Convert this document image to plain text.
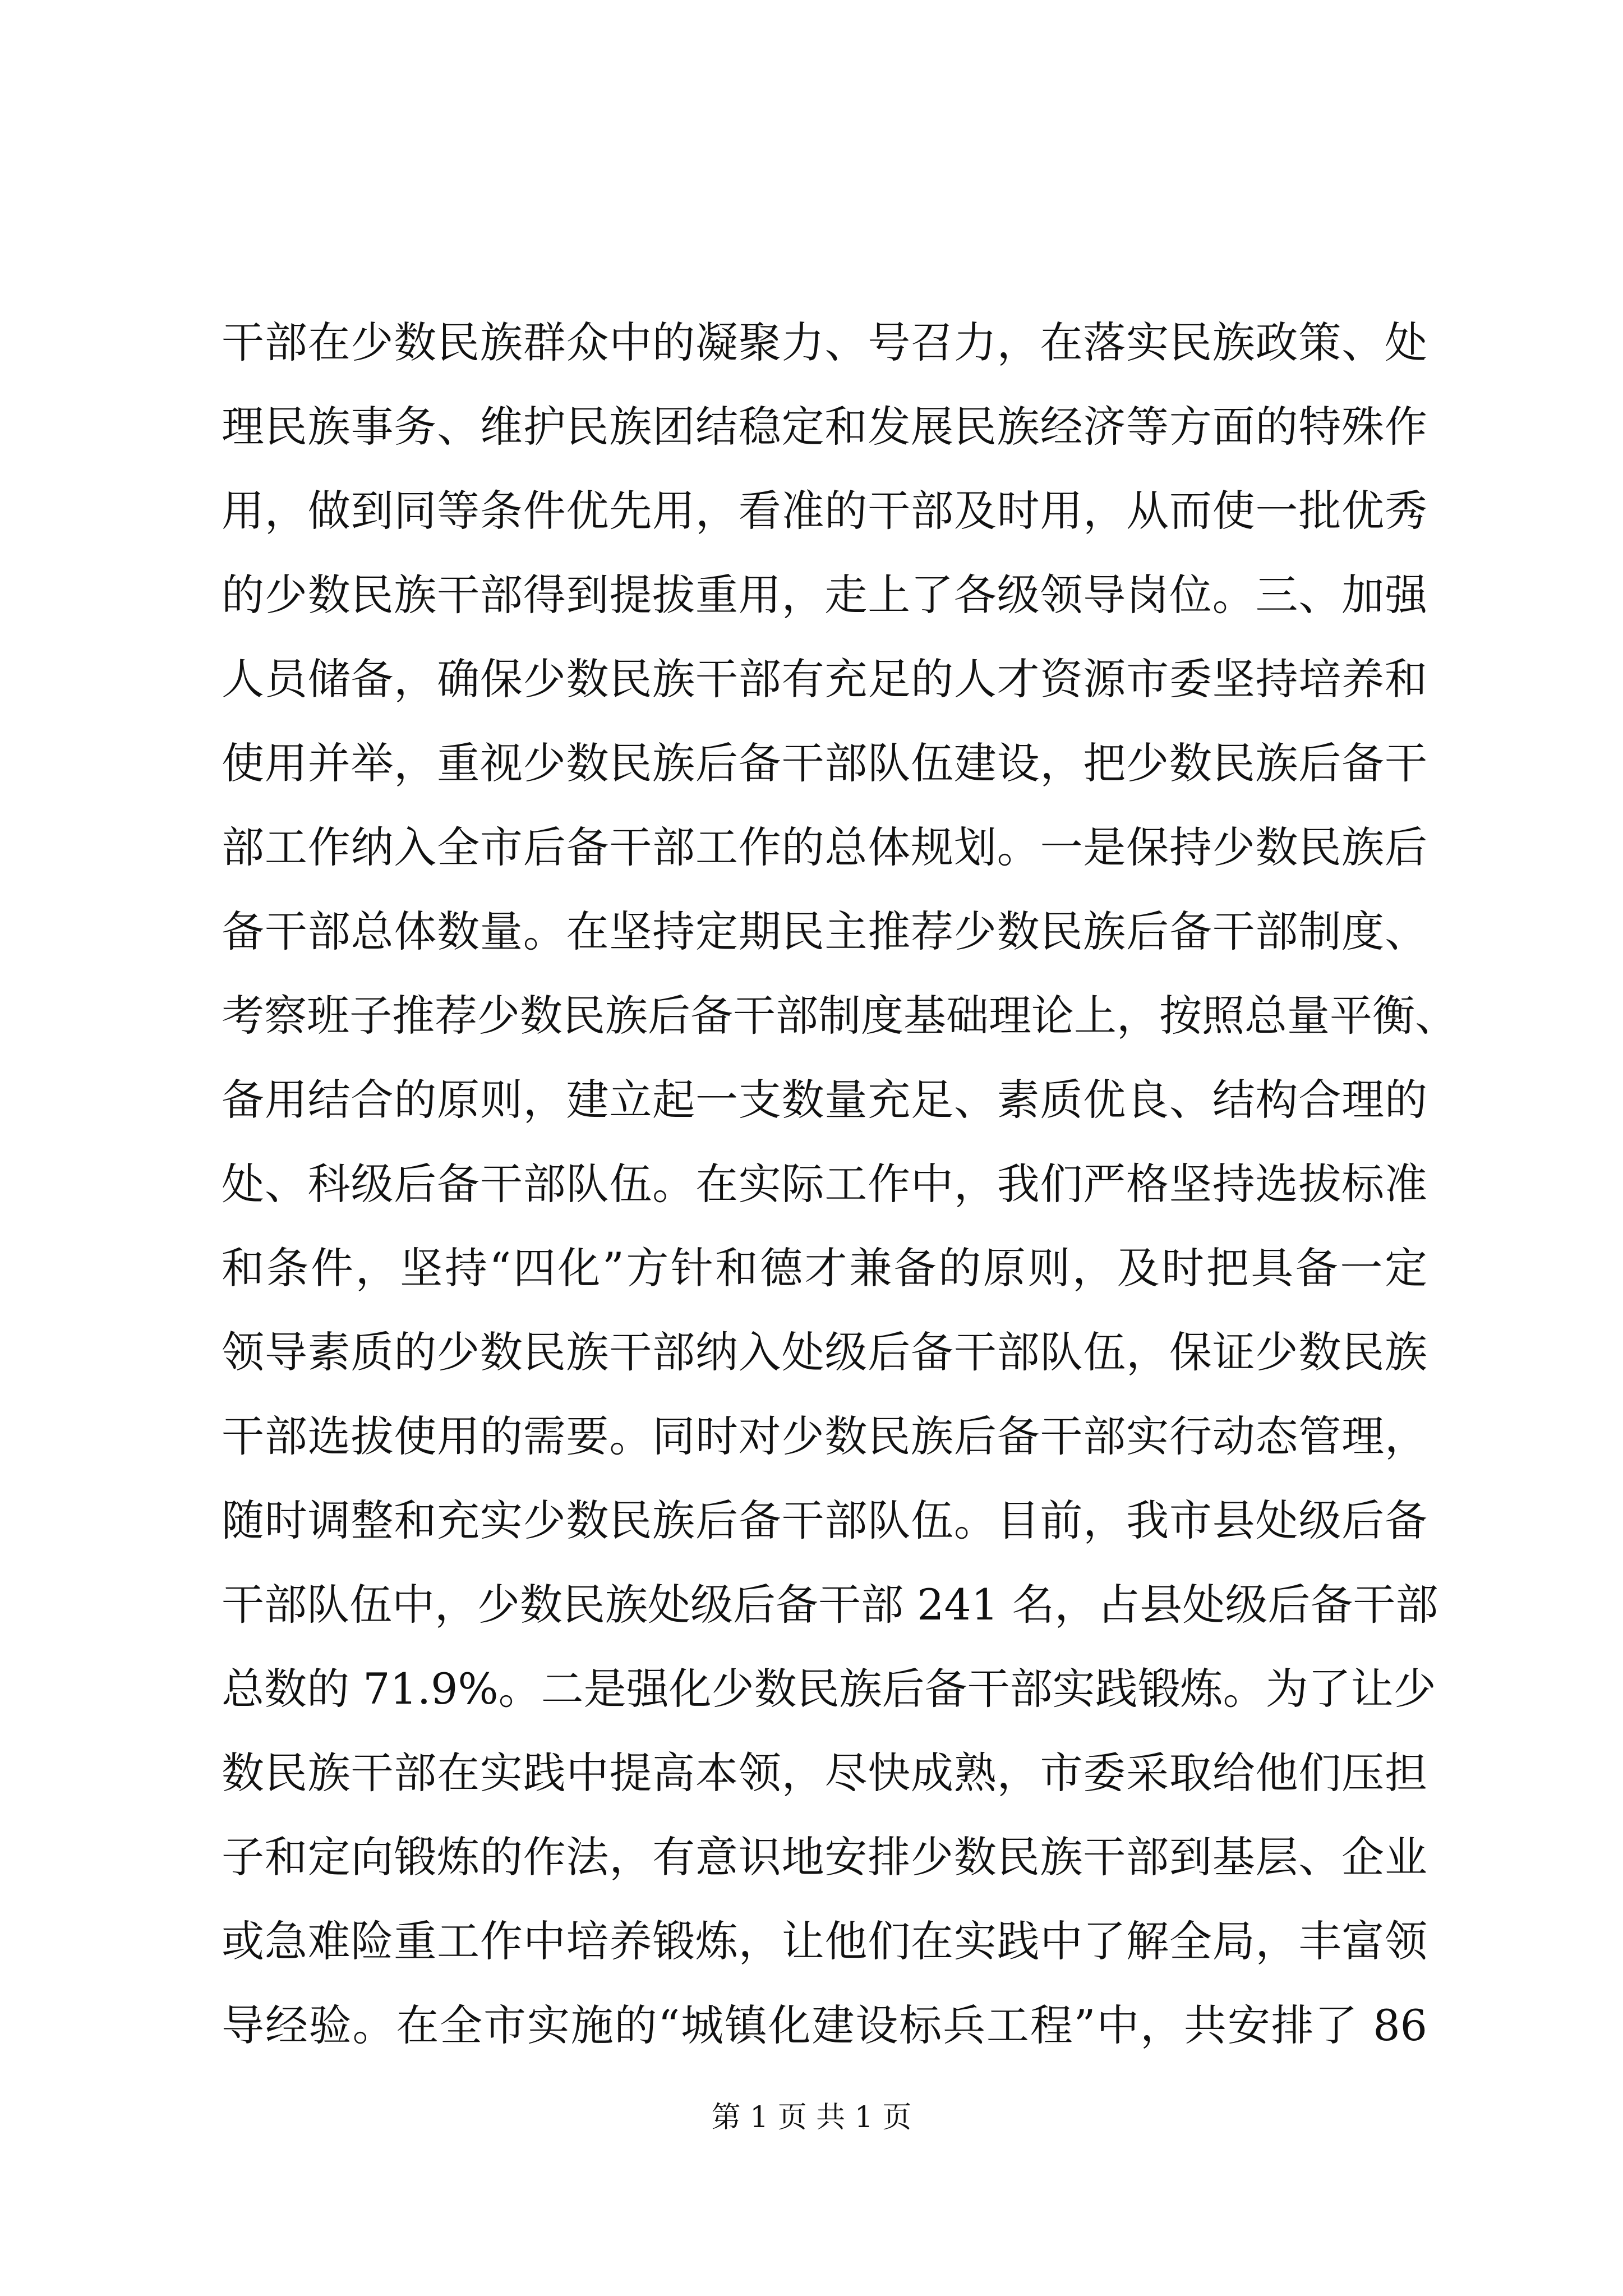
干部在少数民族群众中的凝聚力、号召力，在落实民族政策、处
理民族事务、维护民族团结稳定和发展民族经济等方面的特殊作
用，做到同等条件优先用，看准的干部及时用，从而使一批优秀
的少数民族干部得到提拔重用，走上了各级领导岗位。三、加强
人员储备，确保少数民族干部有充足的人才资源市委坚持培养和
使用并举，重视少数民族后备干部队伍建设，把少数民族后备干
部工作纳入全市后备干部工作的总体规划。一是保持少数民族后
备干部总体数量。在坚持定期民主推荐少数民族后备干部制度、
考察班子推荐少数民族后备干部制度基础理论上，按照总量平衡、
备用结合的原则，建立起一支数量充足、素质优良、结构合理的
处、科级后备干部队伍。在实际工作中，我们严格坚持选拔标准
和条件，坚持“四化”方针和德才兼备的原则，及时把具备一定
领导素质的少数民族干部纳入处级后备干部队伍，保证少数民族
干部选拔使用的需要。同时对少数民族后备干部实行动态管理，
随时调整和充实少数民族后备干部队伍。目前，我市县处级后备
干部队伍中，少数民族处级后备干部 241 名，占县处级后备干部
总数的 71.9%。二是强化少数民族后备干部实践锻炼。为了让少
数民族干部在实践中提高本领，尽快成熟，市委采取给他们压担
子和定向锻炼的作法，有意识地安排少数民族干部到基层、企业
或急难险重工作中培养锻炼，让他们在实践中了解全局，丰富领
导经验。在全市实施的“城镇化建设标兵工程”中，共安排了 86
第 1 页 共 1 页
